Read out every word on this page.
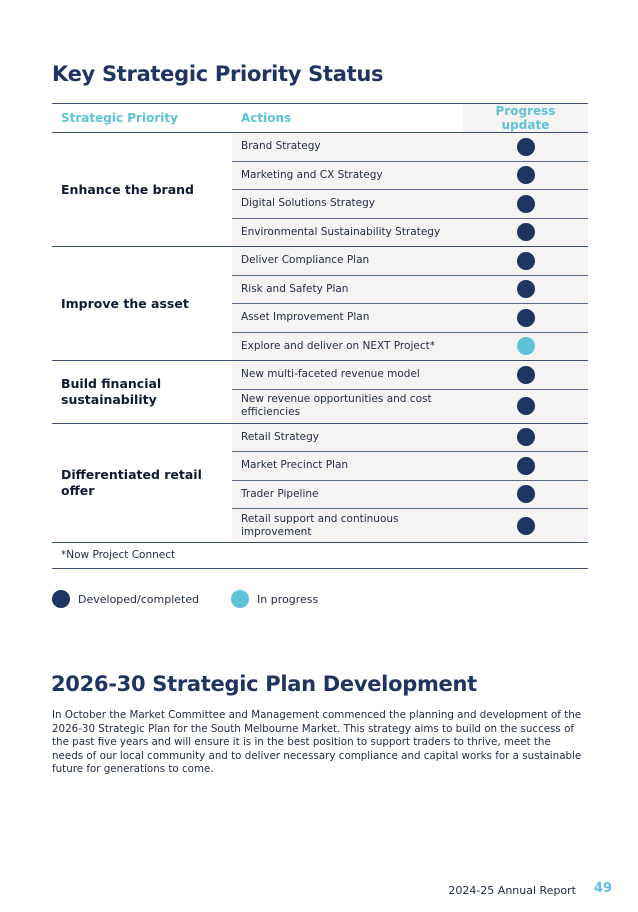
Key Strategic Priority Status
Strategic Priority	Actions	Progress update
Enhance the brand	Brand Strategy	
	Marketing and CX Strategy	
	Digital Solutions Strategy	
	Environmental Sustainability Strategy	
Improve the asset	Deliver Compliance Plan	
	Risk and Safety Plan	
	Asset Improvement Plan	
	Explore and deliver on NEXT Project*	
Build financial sustainability	New multi-faceted revenue model	
	New revenue opportunities and cost efficiencies	
Differentiated retail offer	Retail Strategy	
	Market Precinct Plan	
	Trader Pipeline	
	Retail support and continuous improvement	
*Now Project Connect
Developed/completed	In progress
2026-30 Strategic Plan Development

In October the Market Committee and Management commenced the planning and development of the 2026-30 Strategic Plan for the South Melbourne Market. This strategy aims to build on the success of the past five years and will ensure it is in the best position to support traders to thrive, meet the needs of our local community and to deliver necessary compliance and capital works for a sustainable future for generations to come.

2024-25 Annual Report 49
